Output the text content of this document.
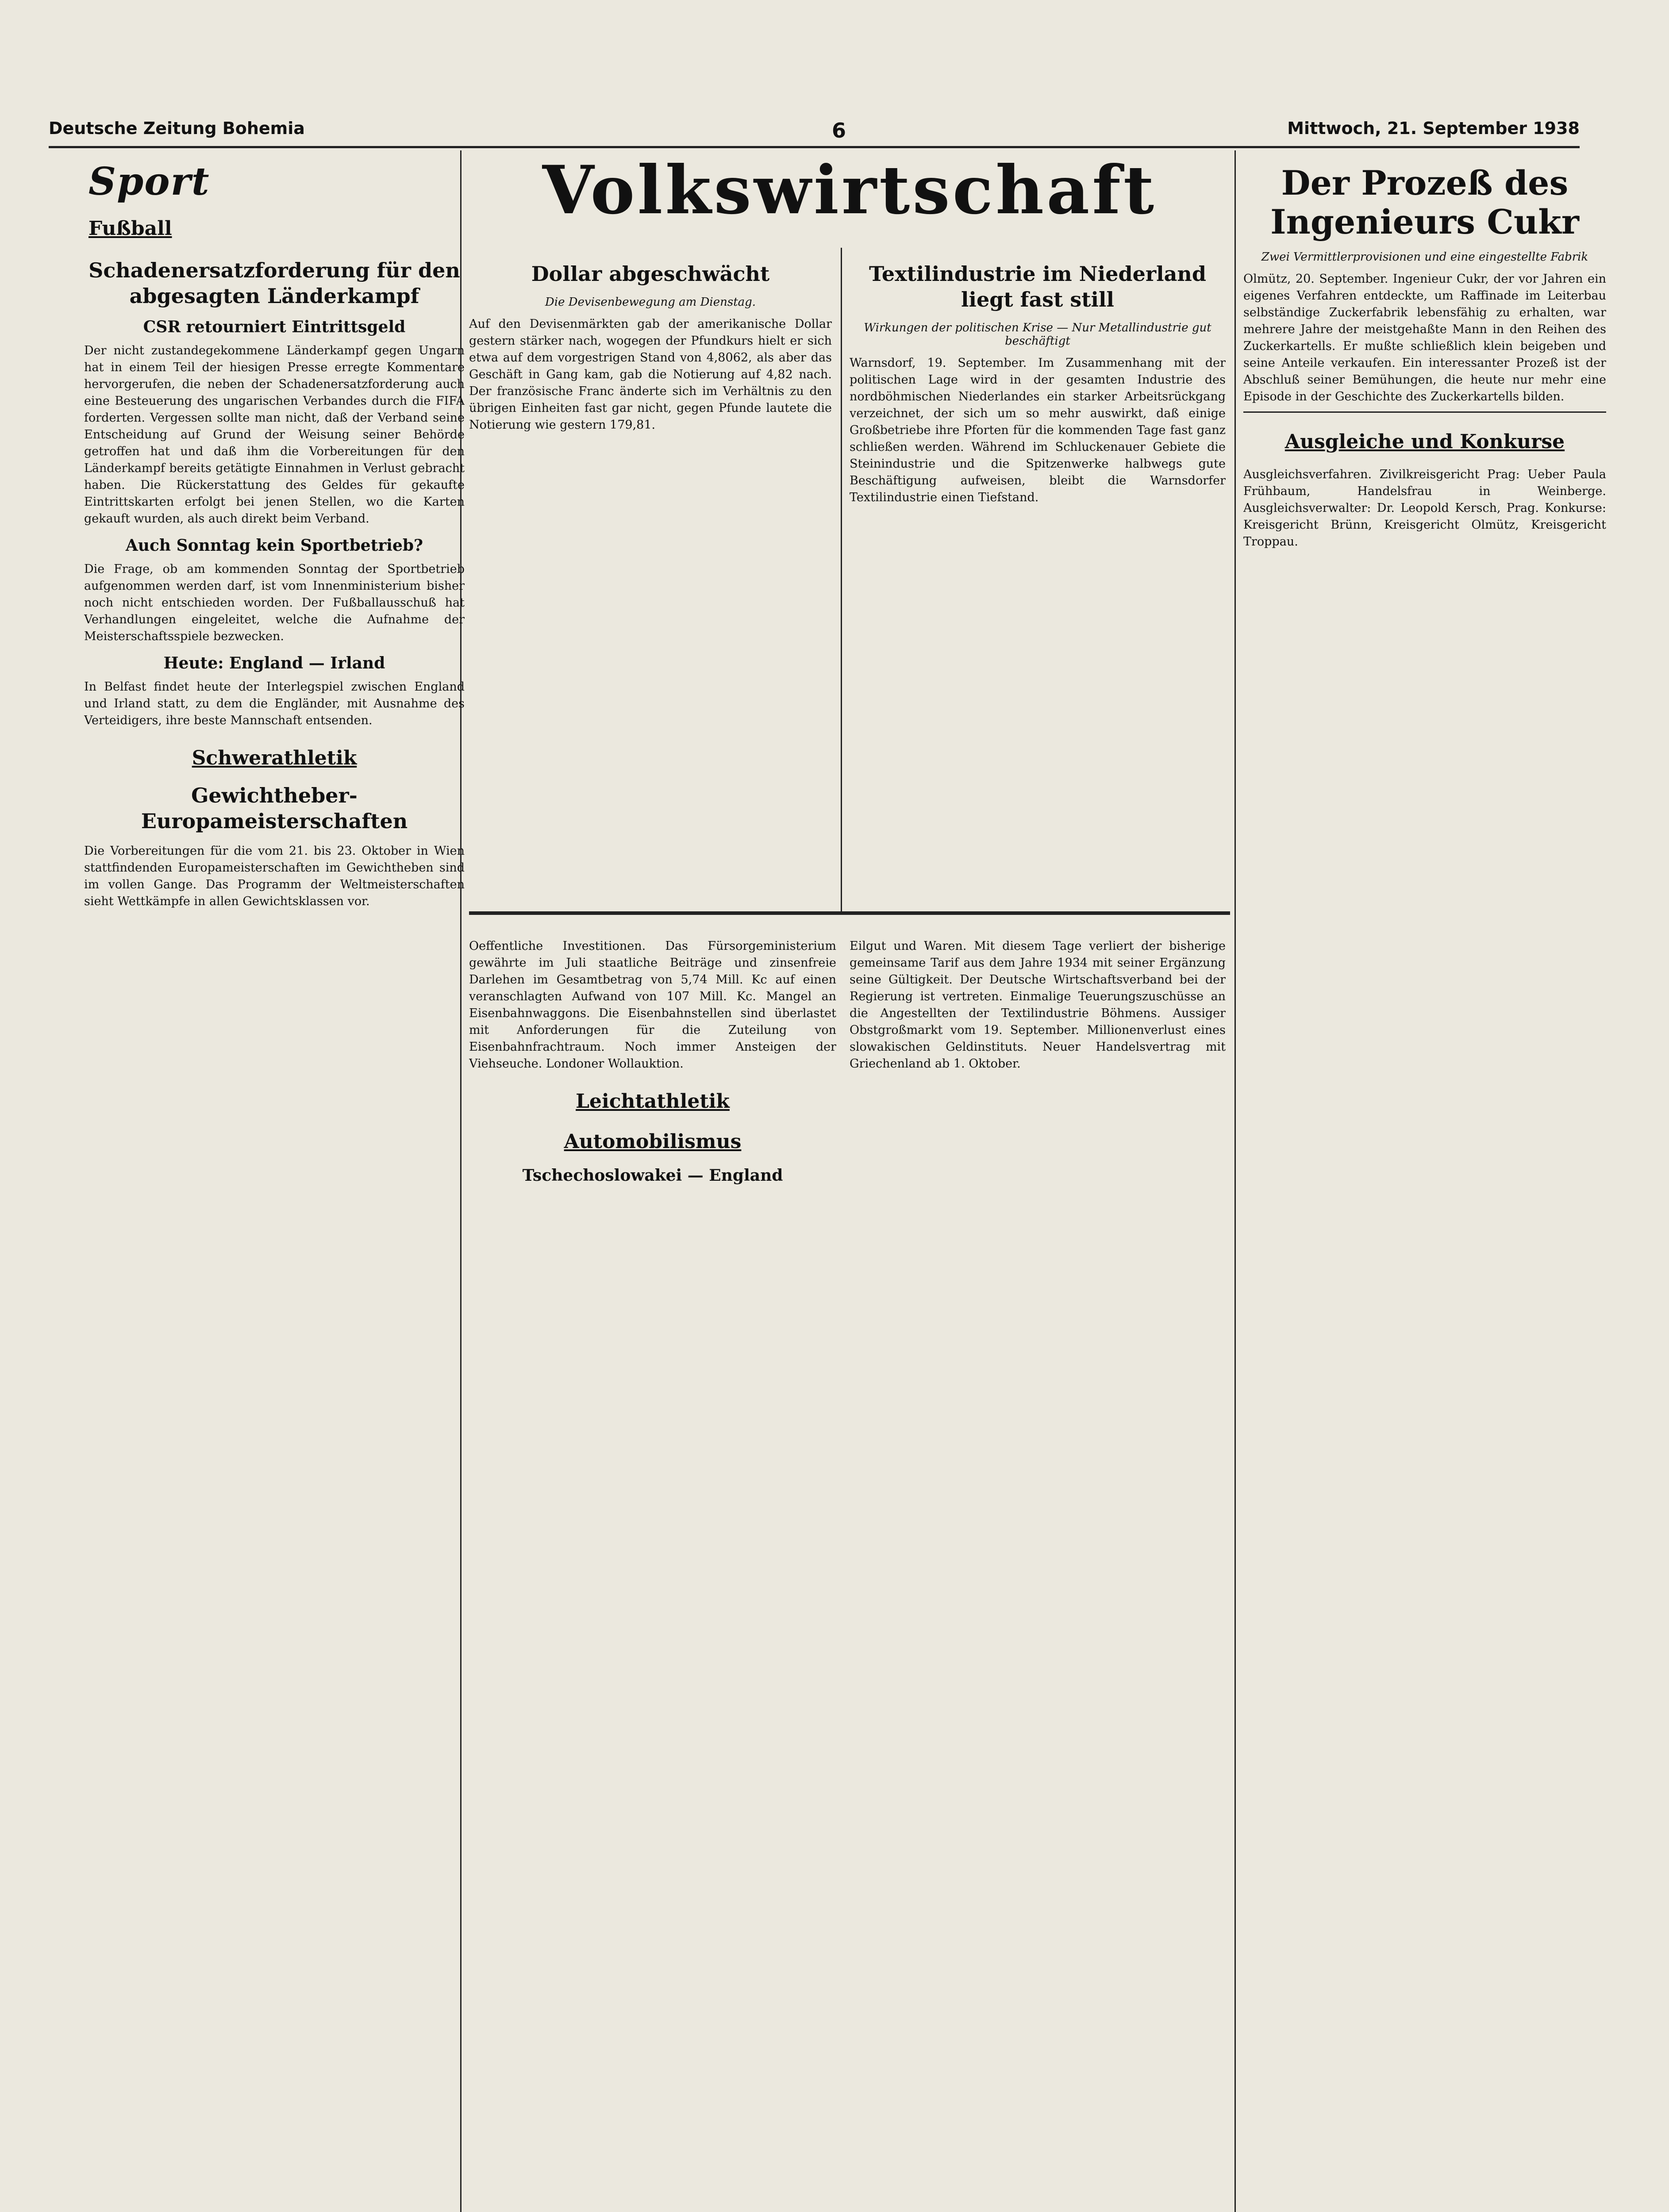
Deutsche Zeitung Bohemia	6	Mittwoch, 21. September 1938
Sport
Fußball
Schadenersatzforderung für den abgesagten Länderkampf
CSR retourniert Eintrittsgeld
Der nicht zustandegekommene Länderkampf gegen Ungarn hat in einem Teil der hiesigen Presse erregte Kommentare hervorgerufen, die neben der Schadenersatzforderung auch eine Besteuerung des ungarischen Verbandes durch die FIFA forderten. Vergessen sollte man nicht, daß der Verband seine Entscheidung auf Grund der Weisung seiner Behörde getroffen hat und daß ihm die Vorbereitungen für den Länderkampf bereits getätigte Einnahmen in Verlust gebracht haben. Die Rückerstattung des Geldes für gekaufte Eintrittskarten erfolgt bei jenen Stellen, wo die Karten gekauft wurden, als auch direkt beim Verband.
Auch Sonntag kein Sportbetrieb?
Die Frage, ob am kommenden Sonntag der Sportbetrieb aufgenommen werden darf, ist vom Innenministerium bisher noch nicht entschieden worden. Der Fußballausschuß hat Verhandlungen eingeleitet, welche die Aufnahme der Meisterschaftsspiele bezwecken.
Heute: England — Irland
In Belfast findet heute der Interlegspiel zwischen England und Irland statt, zu dem die Engländer, mit Ausnahme des Verteidigers, ihre beste Mannschaft entsenden.
Schwerathletik
Gewichtheber-Europameisterschaften
Die Vorbereitungen für die vom 21. bis 23. Oktober in Wien stattfindenden Europameisterschaften im Gewichtheben sind im vollen Gange. Das Programm der Weltmeisterschaften sieht Wettkämpfe in allen Gewichtsklassen vor.
Volkswirtschaft
Dollar abgeschwächt
Die Devisenbewegung am Dienstag.
Auf den Devisenmärkten gab der amerikanische Dollar gestern stärker nach, wogegen der Pfundkurs hielt er sich etwa auf dem vorgestrigen Stand von 4,8062, als aber das Geschäft in Gang kam, gab die Notierung auf 4,82 nach. Der französische Franc änderte sich im Verhältnis zu den übrigen Einheiten fast gar nicht, gegen Pfunde lautete die Notierung wie gestern 179,81.
Textilindustrie im Niederland liegt fast still
Wirkungen der politischen Krise — Nur Metallindustrie gut beschäftigt
Warnsdorf, 19. September. Im Zusammenhang mit der politischen Lage wird in der gesamten Industrie des nordböhmischen Niederlandes ein starker Arbeitsrückgang verzeichnet, der sich um so mehr auswirkt, daß einige Großbetriebe ihre Pforten für die kommenden Tage fast ganz schließen werden. Während im Schluckenauer Gebiete die Steinindustrie und die Spitzenwerke halbwegs gute Beschäftigung aufweisen, bleibt die Warnsdorfer Textilindustrie einen Tiefstand.
Der Prozeß des Ingenieurs Cukr
Zwei Vermittlerprovisionen und eine eingestellte Fabrik
Olmütz, 20. September. Ingenieur Cukr, der vor Jahren ein eigenes Verfahren entdeckte, um Raffinade im Leiterbau selbständige Zuckerfabrik lebensfähig zu erhalten, war mehrere Jahre der meistgehaßte Mann in den Reihen des Zuckerkartells. Er mußte schließlich klein beigeben und seine Anteile verkaufen. Ein interessanter Prozeß ist der Abschluß seiner Bemühungen, die heute nur mehr eine Episode in der Geschichte des Zuckerkartells bilden.
Ausgleiche und Konkurse
Ausgleichsverfahren. Zivilkreisgericht Prag: Ueber Paula Frühbaum, Handelsfrau in Weinberge. Ausgleichsverwalter: Dr. Leopold Kersch, Prag. Konkurse: Kreisgericht Brünn, Kreisgericht Olmütz, Kreisgericht Troppau.
Oeffentliche Investitionen. Das Fürsorgeministerium gewährte im Juli staatliche Beiträge und zinsenfreie Darlehen im Gesamtbetrag von 5,74 Mill. Kc auf einen veranschlagten Aufwand von 107 Mill. Kc. Mangel an Eisenbahnwaggons. Die Eisenbahnstellen sind überlastet mit Anforderungen für die Zuteilung von Eisenbahnfrachtraum. Noch immer Ansteigen der Viehseuche. Londoner Wollauktion.
Leichtathletik
Automobilismus
Tschechoslowakei — England
Eilgut und Waren. Mit diesem Tage verliert der bisherige gemeinsame Tarif aus dem Jahre 1934 mit seiner Ergänzung seine Gültigkeit. Der Deutsche Wirtschaftsverband bei der Regierung ist vertreten. Einmalige Teuerungszuschüsse an die Angestellten der Textilindustrie Böhmens. Aussiger Obstgroßmarkt vom 19. September. Millionenverlust eines slowakischen Geldinstituts. Neuer Handelsvertrag mit Griechenland ab 1. Oktober.
